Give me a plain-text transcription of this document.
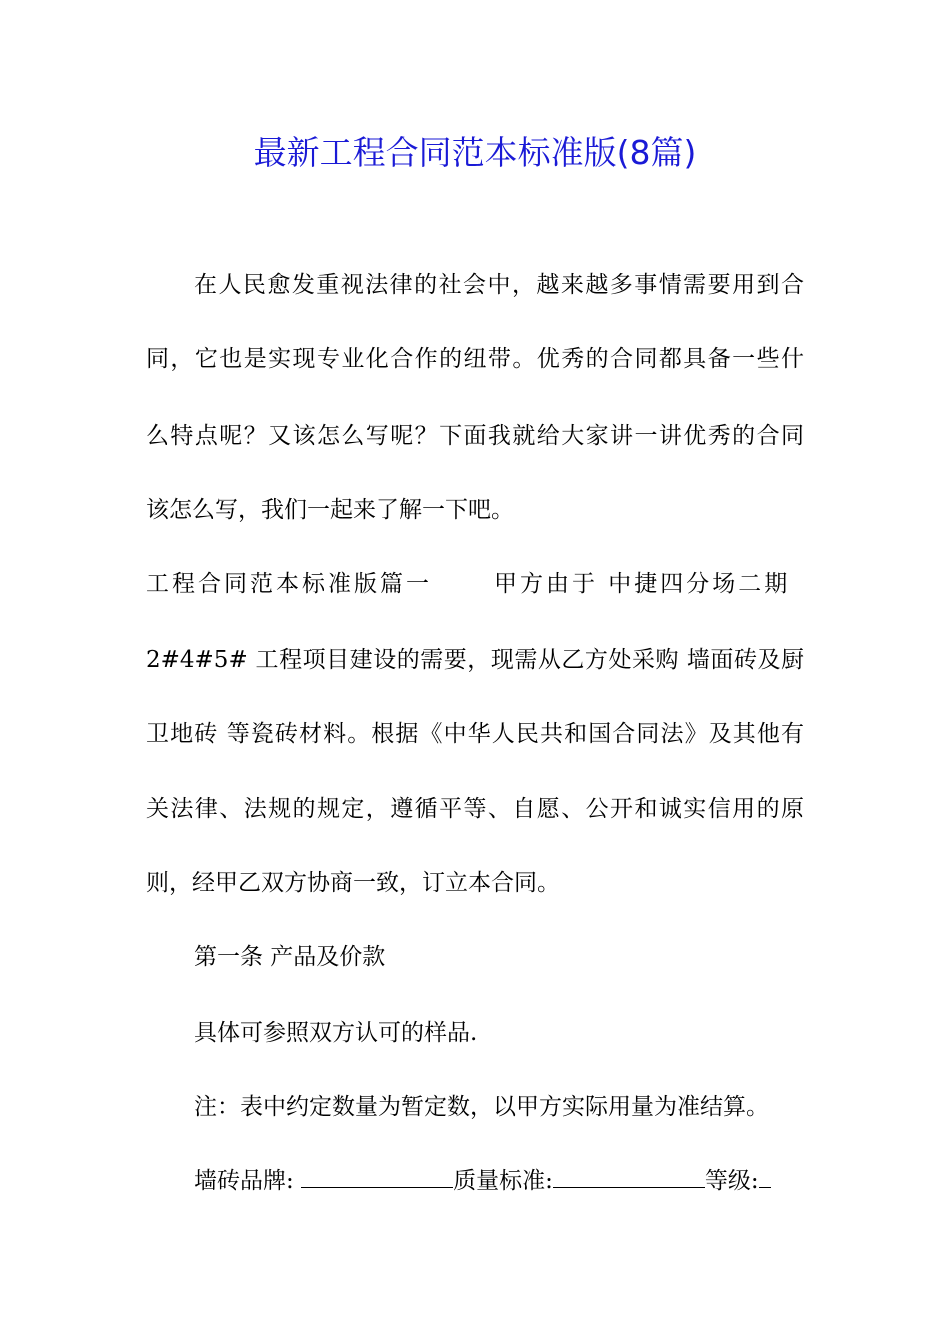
最新工程合同范本标准版(8篇)
在人民愈发重视法律的社会中，越来越多事情需要用到合
同，它也是实现专业化合作的纽带。优秀的合同都具备一些什
么特点呢？又该怎么写呢？下面我就给大家讲一讲优秀的合同
该怎么写，我们一起来了解一下吧。
工程合同范本标准版篇一	甲方由于 中捷四分场二期
2#4#5# 工程项目建设的需要，现需从乙方处采购 墙面砖及厨
卫地砖 等瓷砖材料。根据《中华人民共和国合同法》及其他有
关法律、法规的规定，遵循平等、自愿、公开和诚实信用的原
则，经甲乙双方协商一致，订立本合同。
第一条 产品及价款
具体可参照双方认可的样品.
注：表中约定数量为暂定数，以甲方实际用量为准结算。
墙砖品牌:	质量标准:	等级:
